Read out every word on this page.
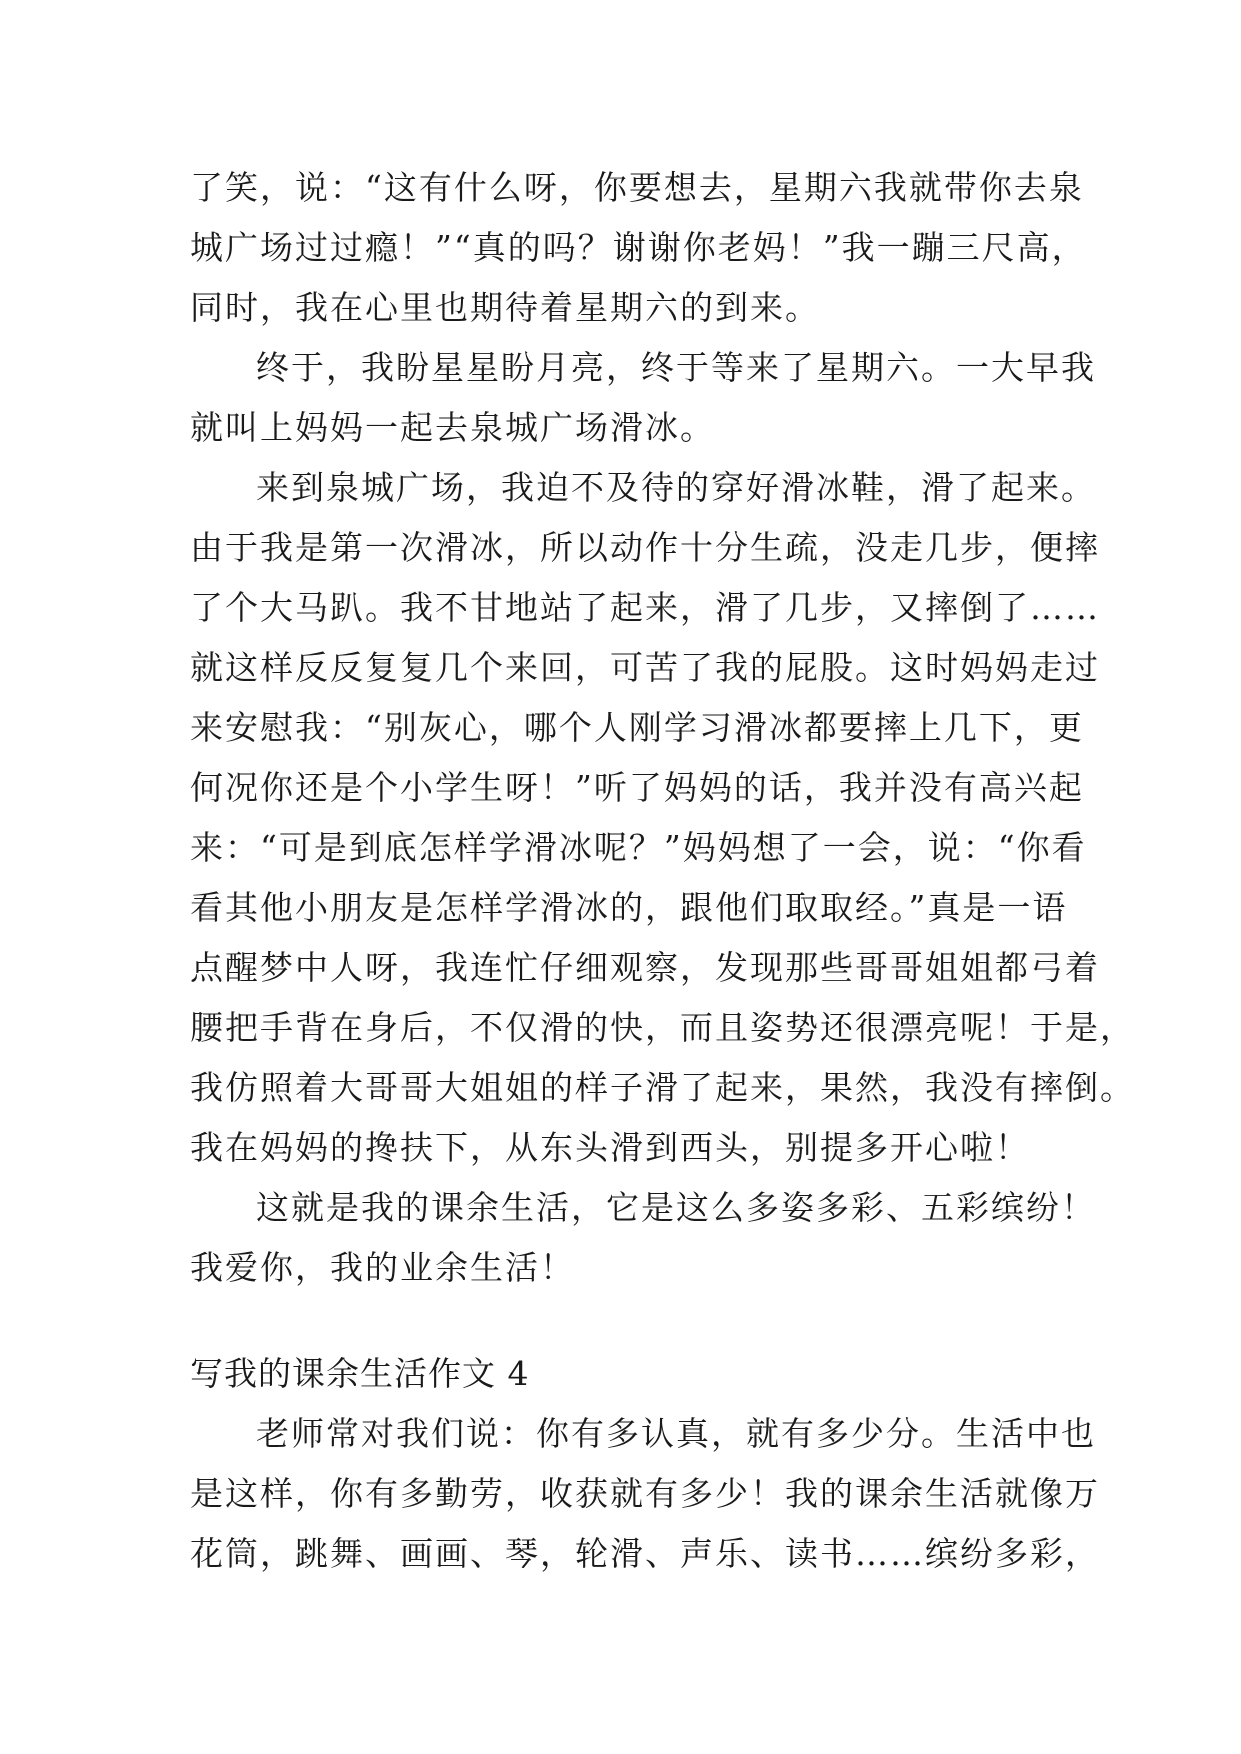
了笑，说：“这有什么呀，你要想去，星期六我就带你去泉
城广场过过瘾！”“真的吗？谢谢你老妈！”我一蹦三尺高，
同时，我在心里也期待着星期六的到来。
终于，我盼星星盼月亮，终于等来了星期六。一大早我
就叫上妈妈一起去泉城广场滑冰。
来到泉城广场，我迫不及待的穿好滑冰鞋，滑了起来。
由于我是第一次滑冰，所以动作十分生疏，没走几步，便摔
了个大马趴。我不甘地站了起来，滑了几步，又摔倒了……
就这样反反复复几个来回，可苦了我的屁股。这时妈妈走过
来安慰我：“别灰心，哪个人刚学习滑冰都要摔上几下，更
何况你还是个小学生呀！”听了妈妈的话，我并没有高兴起
来：“可是到底怎样学滑冰呢？”妈妈想了一会，说：“你看
看其他小朋友是怎样学滑冰的，跟他们取取经。”真是一语
点醒梦中人呀，我连忙仔细观察，发现那些哥哥姐姐都弓着
腰把手背在身后，不仅滑的快，而且姿势还很漂亮呢！于是，
我仿照着大哥哥大姐姐的样子滑了起来，果然，我没有摔倒。
我在妈妈的搀扶下，从东头滑到西头，别提多开心啦！
这就是我的课余生活，它是这么多姿多彩、五彩缤纷！
我爱你，我的业余生活！
写我的课余生活作文 4
老师常对我们说：你有多认真，就有多少分。生活中也
是这样，你有多勤劳，收获就有多少！我的课余生活就像万
花筒，跳舞、画画、琴，轮滑、声乐、读书……缤纷多彩，
